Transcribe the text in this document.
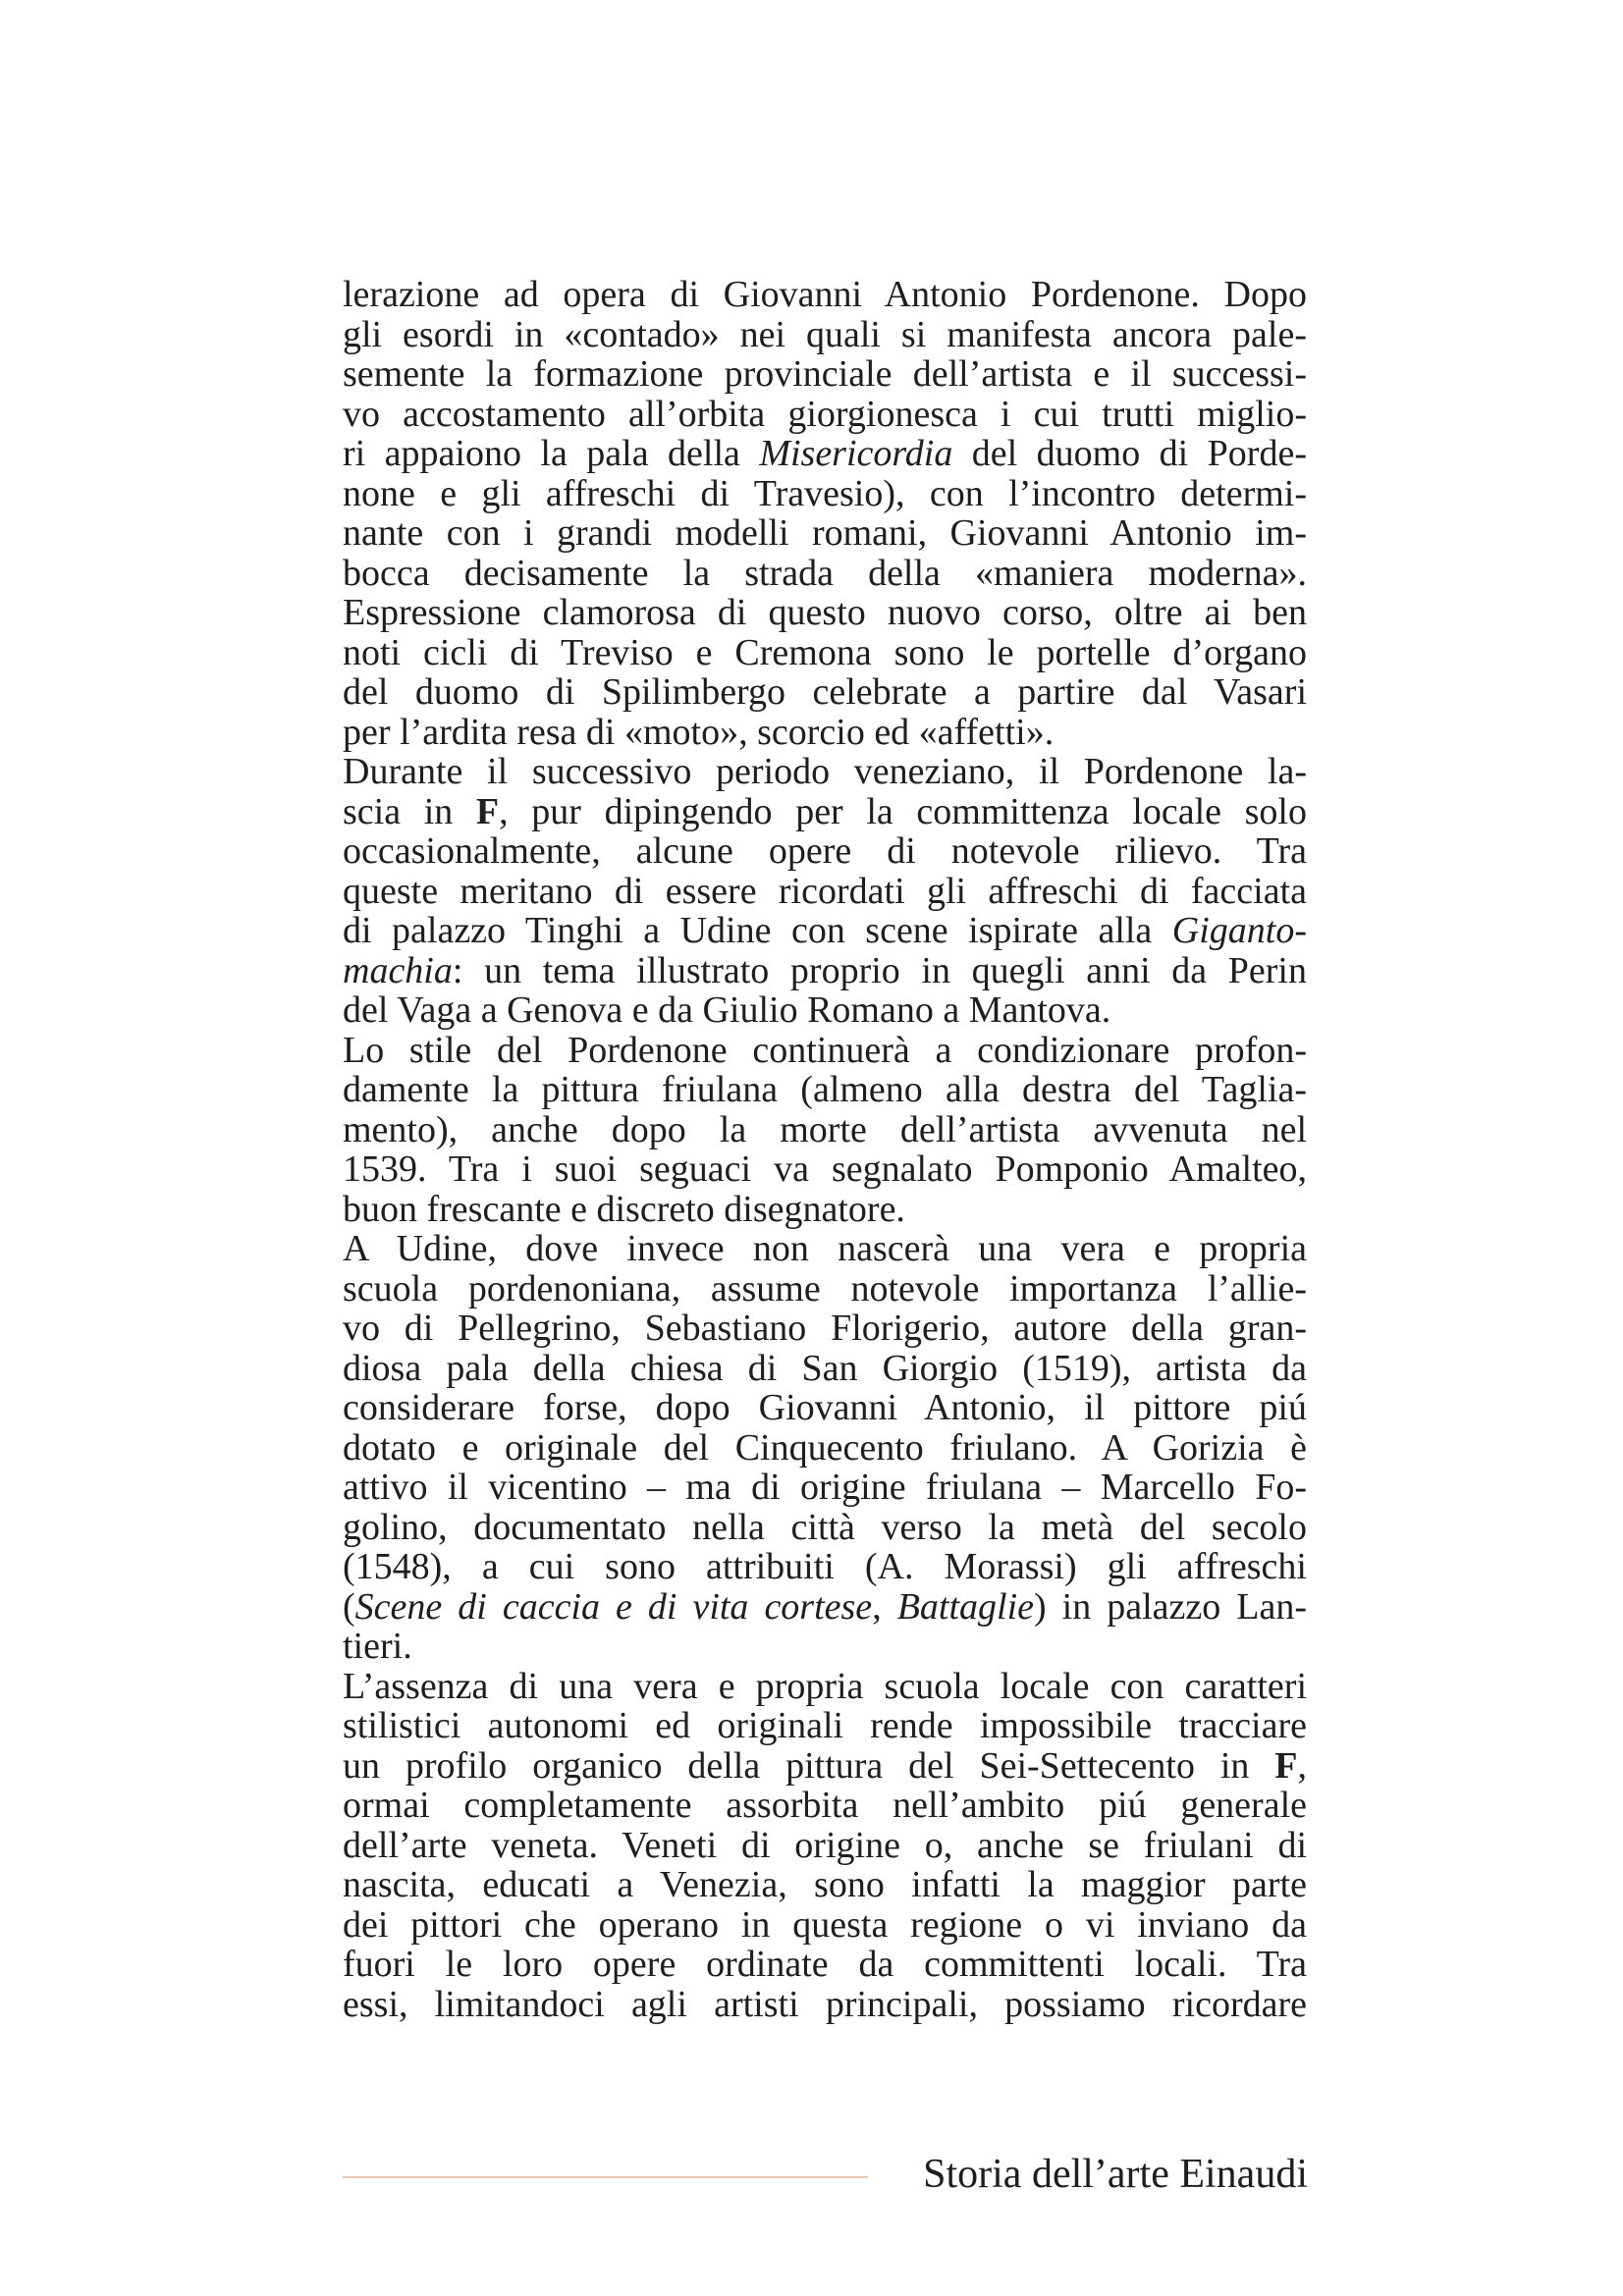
lerazione ad opera di Giovanni Antonio Pordenone. Dopo
gli esordi in «contado» nei quali si manifesta ancora pale-
semente la formazione provinciale dell’artista e il successi-
vo accostamento all’orbita giorgionesca i cui trutti miglio-
ri appaiono la pala della Misericordia del duomo di Porde-
none e gli affreschi di Travesio), con l’incontro determi-
nante con i grandi modelli romani, Giovanni Antonio im-
bocca decisamente la strada della «maniera moderna».
Espressione clamorosa di questo nuovo corso, oltre ai ben
noti cicli di Treviso e Cremona sono le portelle d’organo
del duomo di Spilimbergo celebrate a partire dal Vasari
per l’ardita resa di «moto», scorcio ed «affetti».
Durante il successivo periodo veneziano, il Pordenone la-
scia in F, pur dipingendo per la committenza locale solo
occasionalmente, alcune opere di notevole rilievo. Tra
queste meritano di essere ricordati gli affreschi di facciata
di palazzo Tinghi a Udine con scene ispirate alla Giganto-
machia: un tema illustrato proprio in quegli anni da Perin
del Vaga a Genova e da Giulio Romano a Mantova.
Lo stile del Pordenone continuerà a condizionare profon-
damente la pittura friulana (almeno alla destra del Taglia-
mento), anche dopo la morte dell’artista avvenuta nel
1539. Tra i suoi seguaci va segnalato Pomponio Amalteo,
buon frescante e discreto disegnatore.
A Udine, dove invece non nascerà una vera e propria
scuola pordenoniana, assume notevole importanza l’allie-
vo di Pellegrino, Sebastiano Florigerio, autore della gran-
diosa pala della chiesa di San Giorgio (1519), artista da
considerare forse, dopo Giovanni Antonio, il pittore piú
dotato e originale del Cinquecento friulano. A Gorizia è
attivo il vicentino – ma di origine friulana – Marcello Fo-
golino, documentato nella città verso la metà del secolo
(1548), a cui sono attribuiti (A. Morassi) gli affreschi
(Scene di caccia e di vita cortese, Battaglie) in palazzo Lan-
tieri.
L’assenza di una vera e propria scuola locale con caratteri
stilistici autonomi ed originali rende impossibile tracciare
un profilo organico della pittura del Sei-Settecento in F,
ormai completamente assorbita nell’ambito piú generale
dell’arte veneta. Veneti di origine o, anche se friulani di
nascita, educati a Venezia, sono infatti la maggior parte
dei pittori che operano in questa regione o vi inviano da
fuori le loro opere ordinate da committenti locali. Tra
essi, limitandoci agli artisti principali, possiamo ricordare
Storia dell’arte Einaudi
